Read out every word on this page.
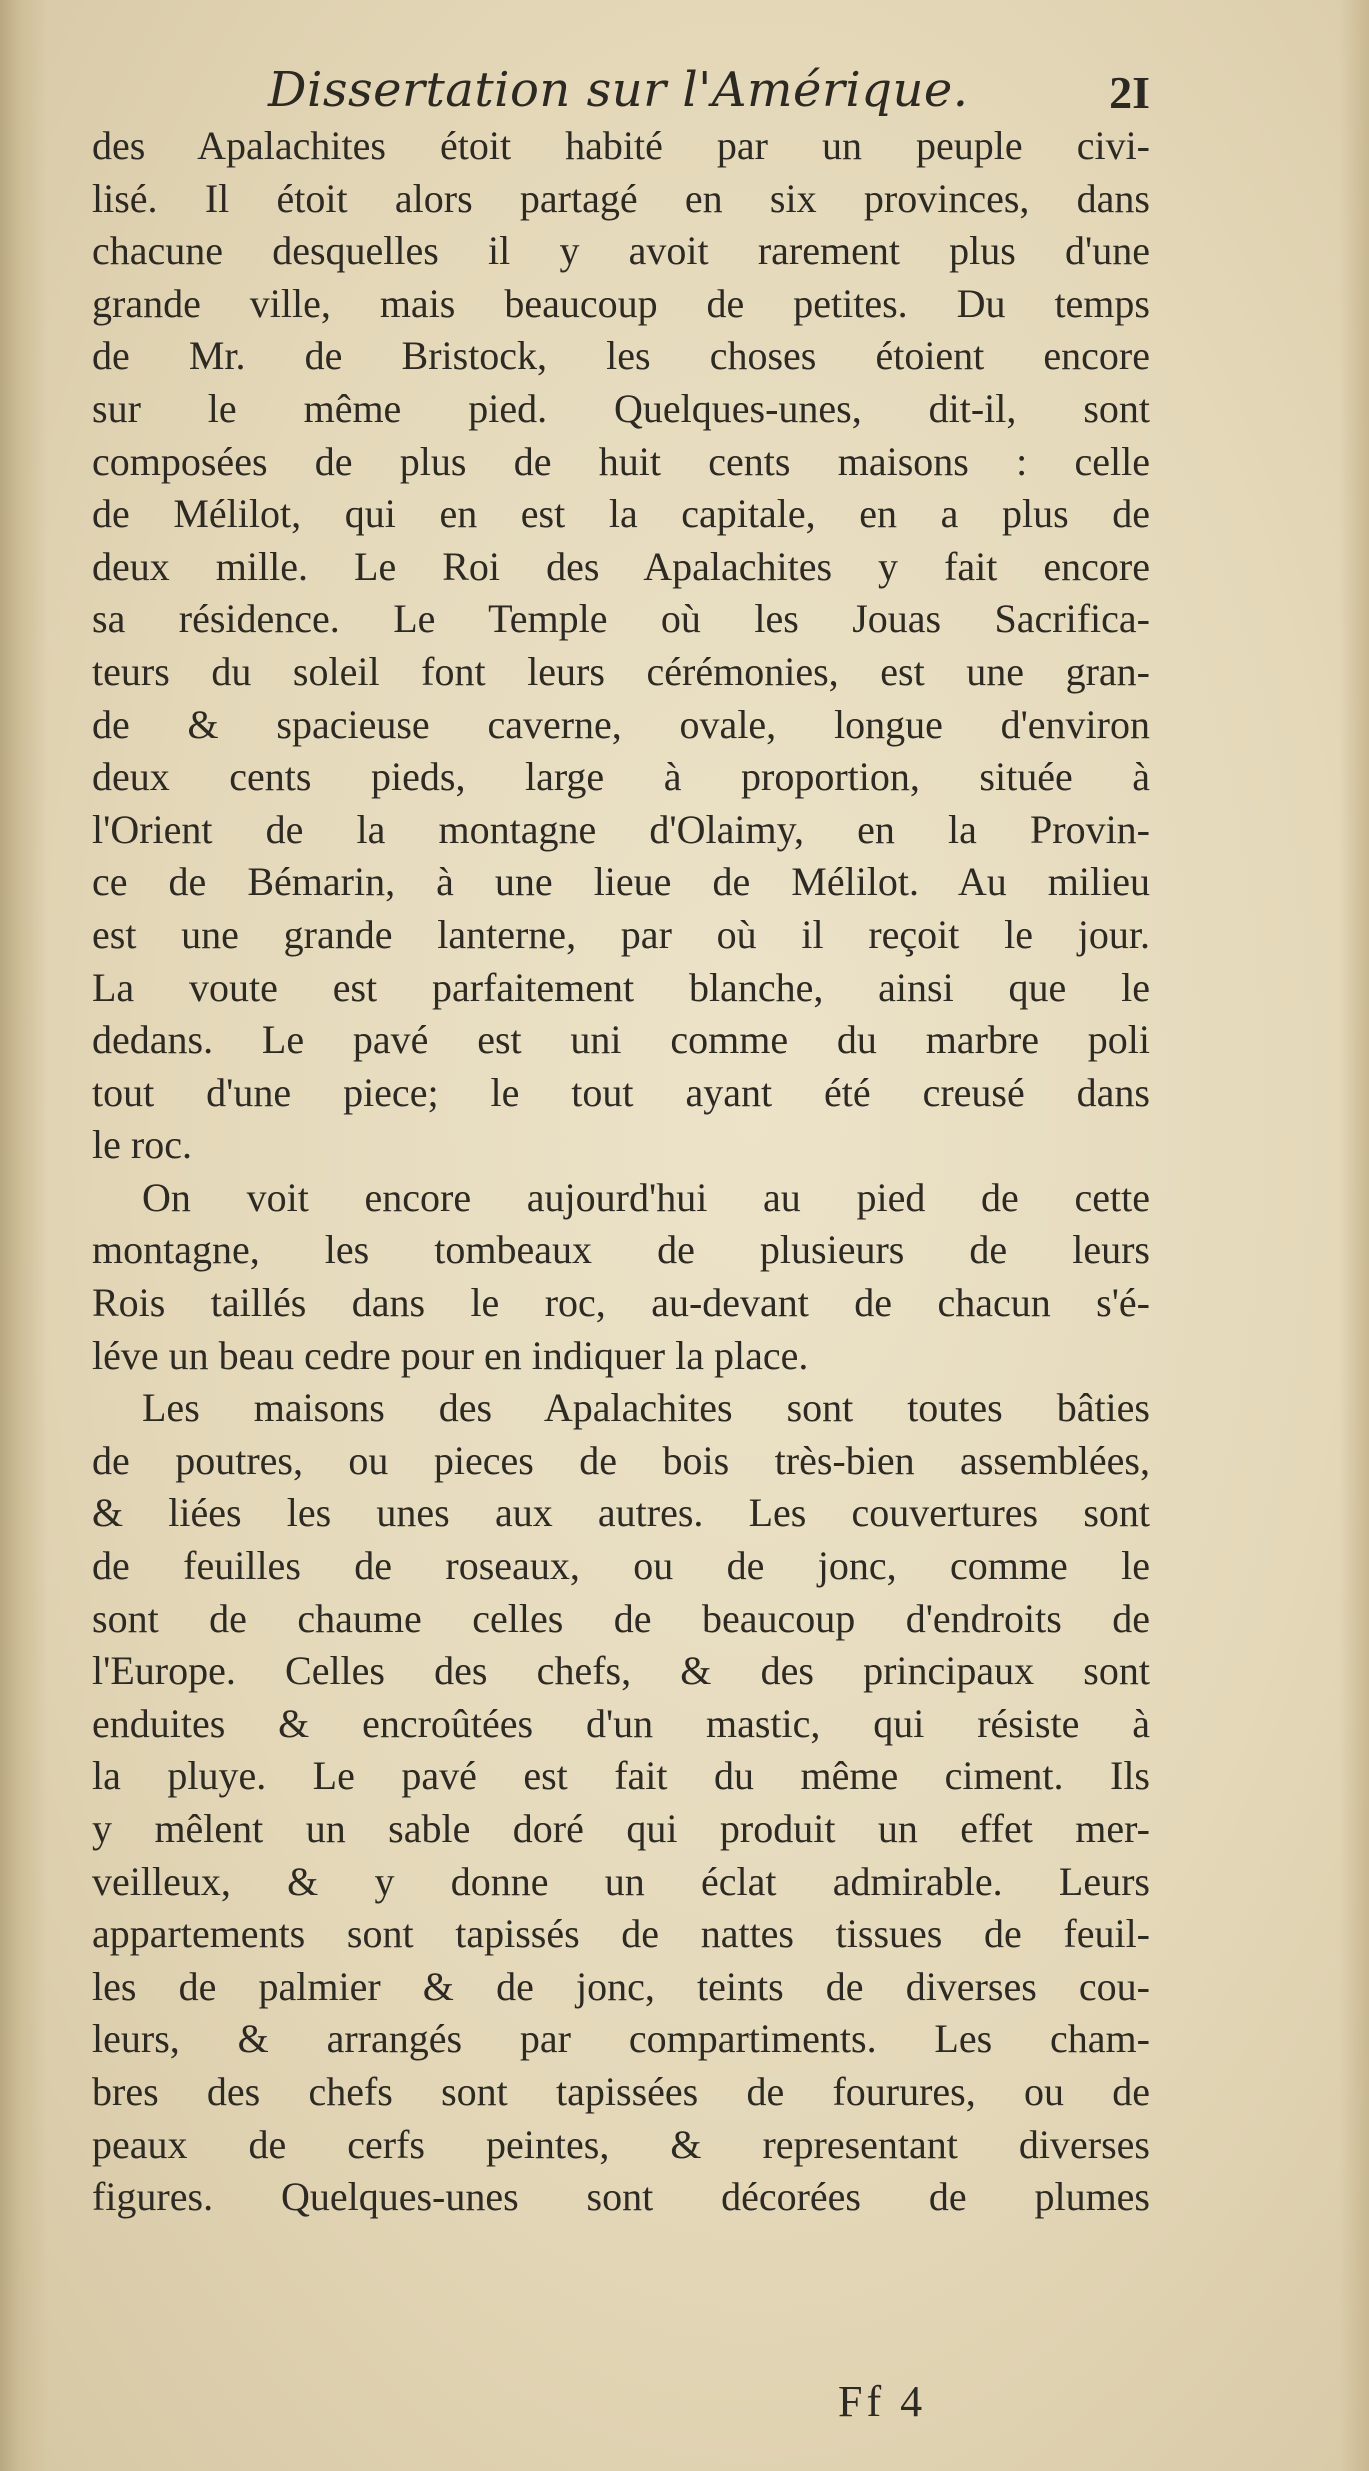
Dissertation sur l'Amérique.	2I
des Apalachites étoit habité par un peuple civi-
lisé. Il étoit alors partagé en six provinces, dans
chacune desquelles il y avoit rarement plus d'une
grande ville, mais beaucoup de petites. Du temps
de Mr. de Bristock, les choses étoient encore
sur le même pied. Quelques-unes, dit-il, sont
composées de plus de huit cents maisons : celle
de Mélilot, qui en est la capitale, en a plus de
deux mille. Le Roi des Apalachites y fait encore
sa résidence. Le Temple où les Jouas Sacrifica-
teurs du soleil font leurs cérémonies, est une gran-
de & spacieuse caverne, ovale, longue d'environ
deux cents pieds, large à proportion, située à
l'Orient de la montagne d'Olaimy, en la Provin-
ce de Bémarin, à une lieue de Mélilot. Au milieu
est une grande lanterne, par où il reçoit le jour.
La voute est parfaitement blanche, ainsi que le
dedans. Le pavé est uni comme du marbre poli
tout d'une piece; le tout ayant été creusé dans
le roc.
On voit encore aujourd'hui au pied de cette
montagne, les tombeaux de plusieurs de leurs
Rois taillés dans le roc, au-devant de chacun s'é-
léve un beau cedre pour en indiquer la place.
Les maisons des Apalachites sont toutes bâties
de poutres, ou pieces de bois très-bien assemblées,
& liées les unes aux autres. Les couvertures sont
de feuilles de roseaux, ou de jonc, comme le
sont de chaume celles de beaucoup d'endroits de
l'Europe. Celles des chefs, & des principaux sont
enduites & encroûtées d'un mastic, qui résiste à
la pluye. Le pavé est fait du même ciment. Ils
y mêlent un sable doré qui produit un effet mer-
veilleux, & y donne un éclat admirable. Leurs
appartements sont tapissés de nattes tissues de feuil-
les de palmier & de jonc, teints de diverses cou-
leurs, & arrangés par compartiments. Les cham-
bres des chefs sont tapissées de fourures, ou de
peaux de cerfs peintes, & representant diverses
figures. Quelques-unes sont décorées de plumes
Ff 4
